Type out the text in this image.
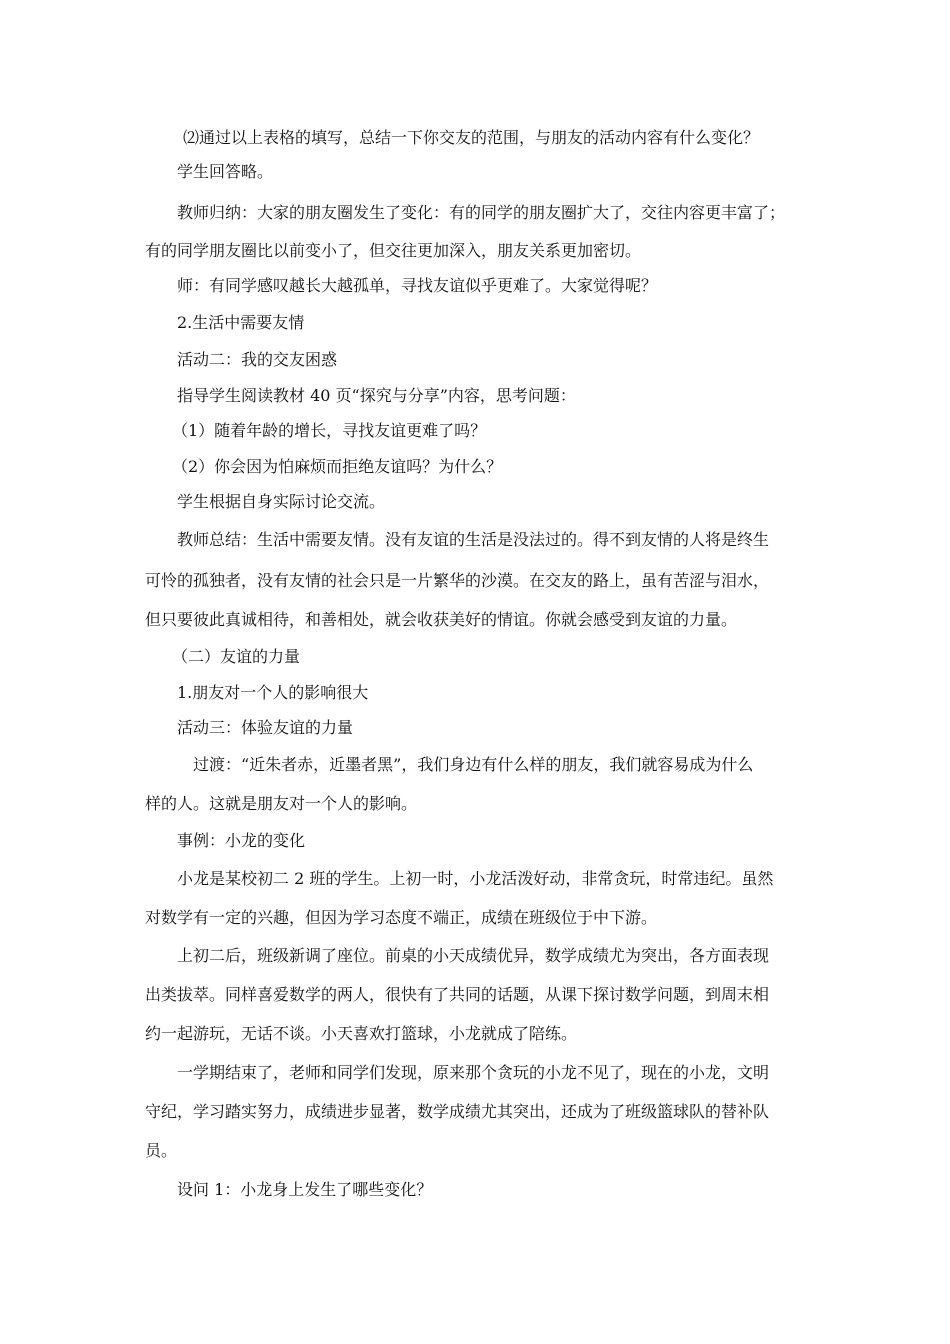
⑵通过以上表格的填写，总结一下你交友的范围，与朋友的活动内容有什么变化？
学生回答略。
教师归纳：大家的朋友圈发生了变化：有的同学的朋友圈扩大了，交往内容更丰富了；
有的同学朋友圈比以前变小了，但交往更加深入，朋友关系更加密切。
师：有同学感叹越长大越孤单，寻找友谊似乎更难了。大家觉得呢？
2.生活中需要友情
活动二：我的交友困惑
指导学生阅读教材 40 页“探究与分享”内容，思考问题：
（1）随着年龄的增长，寻找友谊更难了吗？
（2）你会因为怕麻烦而拒绝友谊吗？为什么？
学生根据自身实际讨论交流。
教师总结：生活中需要友情。没有友谊的生活是没法过的。得不到友情的人将是终生
可怜的孤独者，没有友情的社会只是一片繁华的沙漠。在交友的路上，虽有苦涩与泪水，
但只要彼此真诚相待，和善相处，就会收获美好的情谊。你就会感受到友谊的力量。
（二）友谊的力量
1.朋友对一个人的影响很大
活动三：体验友谊的力量
过渡：“近朱者赤，近墨者黑”，我们身边有什么样的朋友，我们就容易成为什么
样的人。这就是朋友对一个人的影响。
事例：小龙的变化
小龙是某校初二 2 班的学生。上初一时，小龙活泼好动，非常贪玩，时常违纪。虽然
对数学有一定的兴趣，但因为学习态度不端正，成绩在班级位于中下游。
上初二后，班级新调了座位。前桌的小天成绩优异，数学成绩尤为突出，各方面表现
出类拔萃。同样喜爱数学的两人，很快有了共同的话题，从课下探讨数学问题，到周末相
约一起游玩，无话不谈。小天喜欢打篮球，小龙就成了陪练。
一学期结束了，老师和同学们发现，原来那个贪玩的小龙不见了，现在的小龙，文明
守纪，学习踏实努力，成绩进步显著，数学成绩尤其突出，还成为了班级篮球队的替补队
员。
设问 1：小龙身上发生了哪些变化？
